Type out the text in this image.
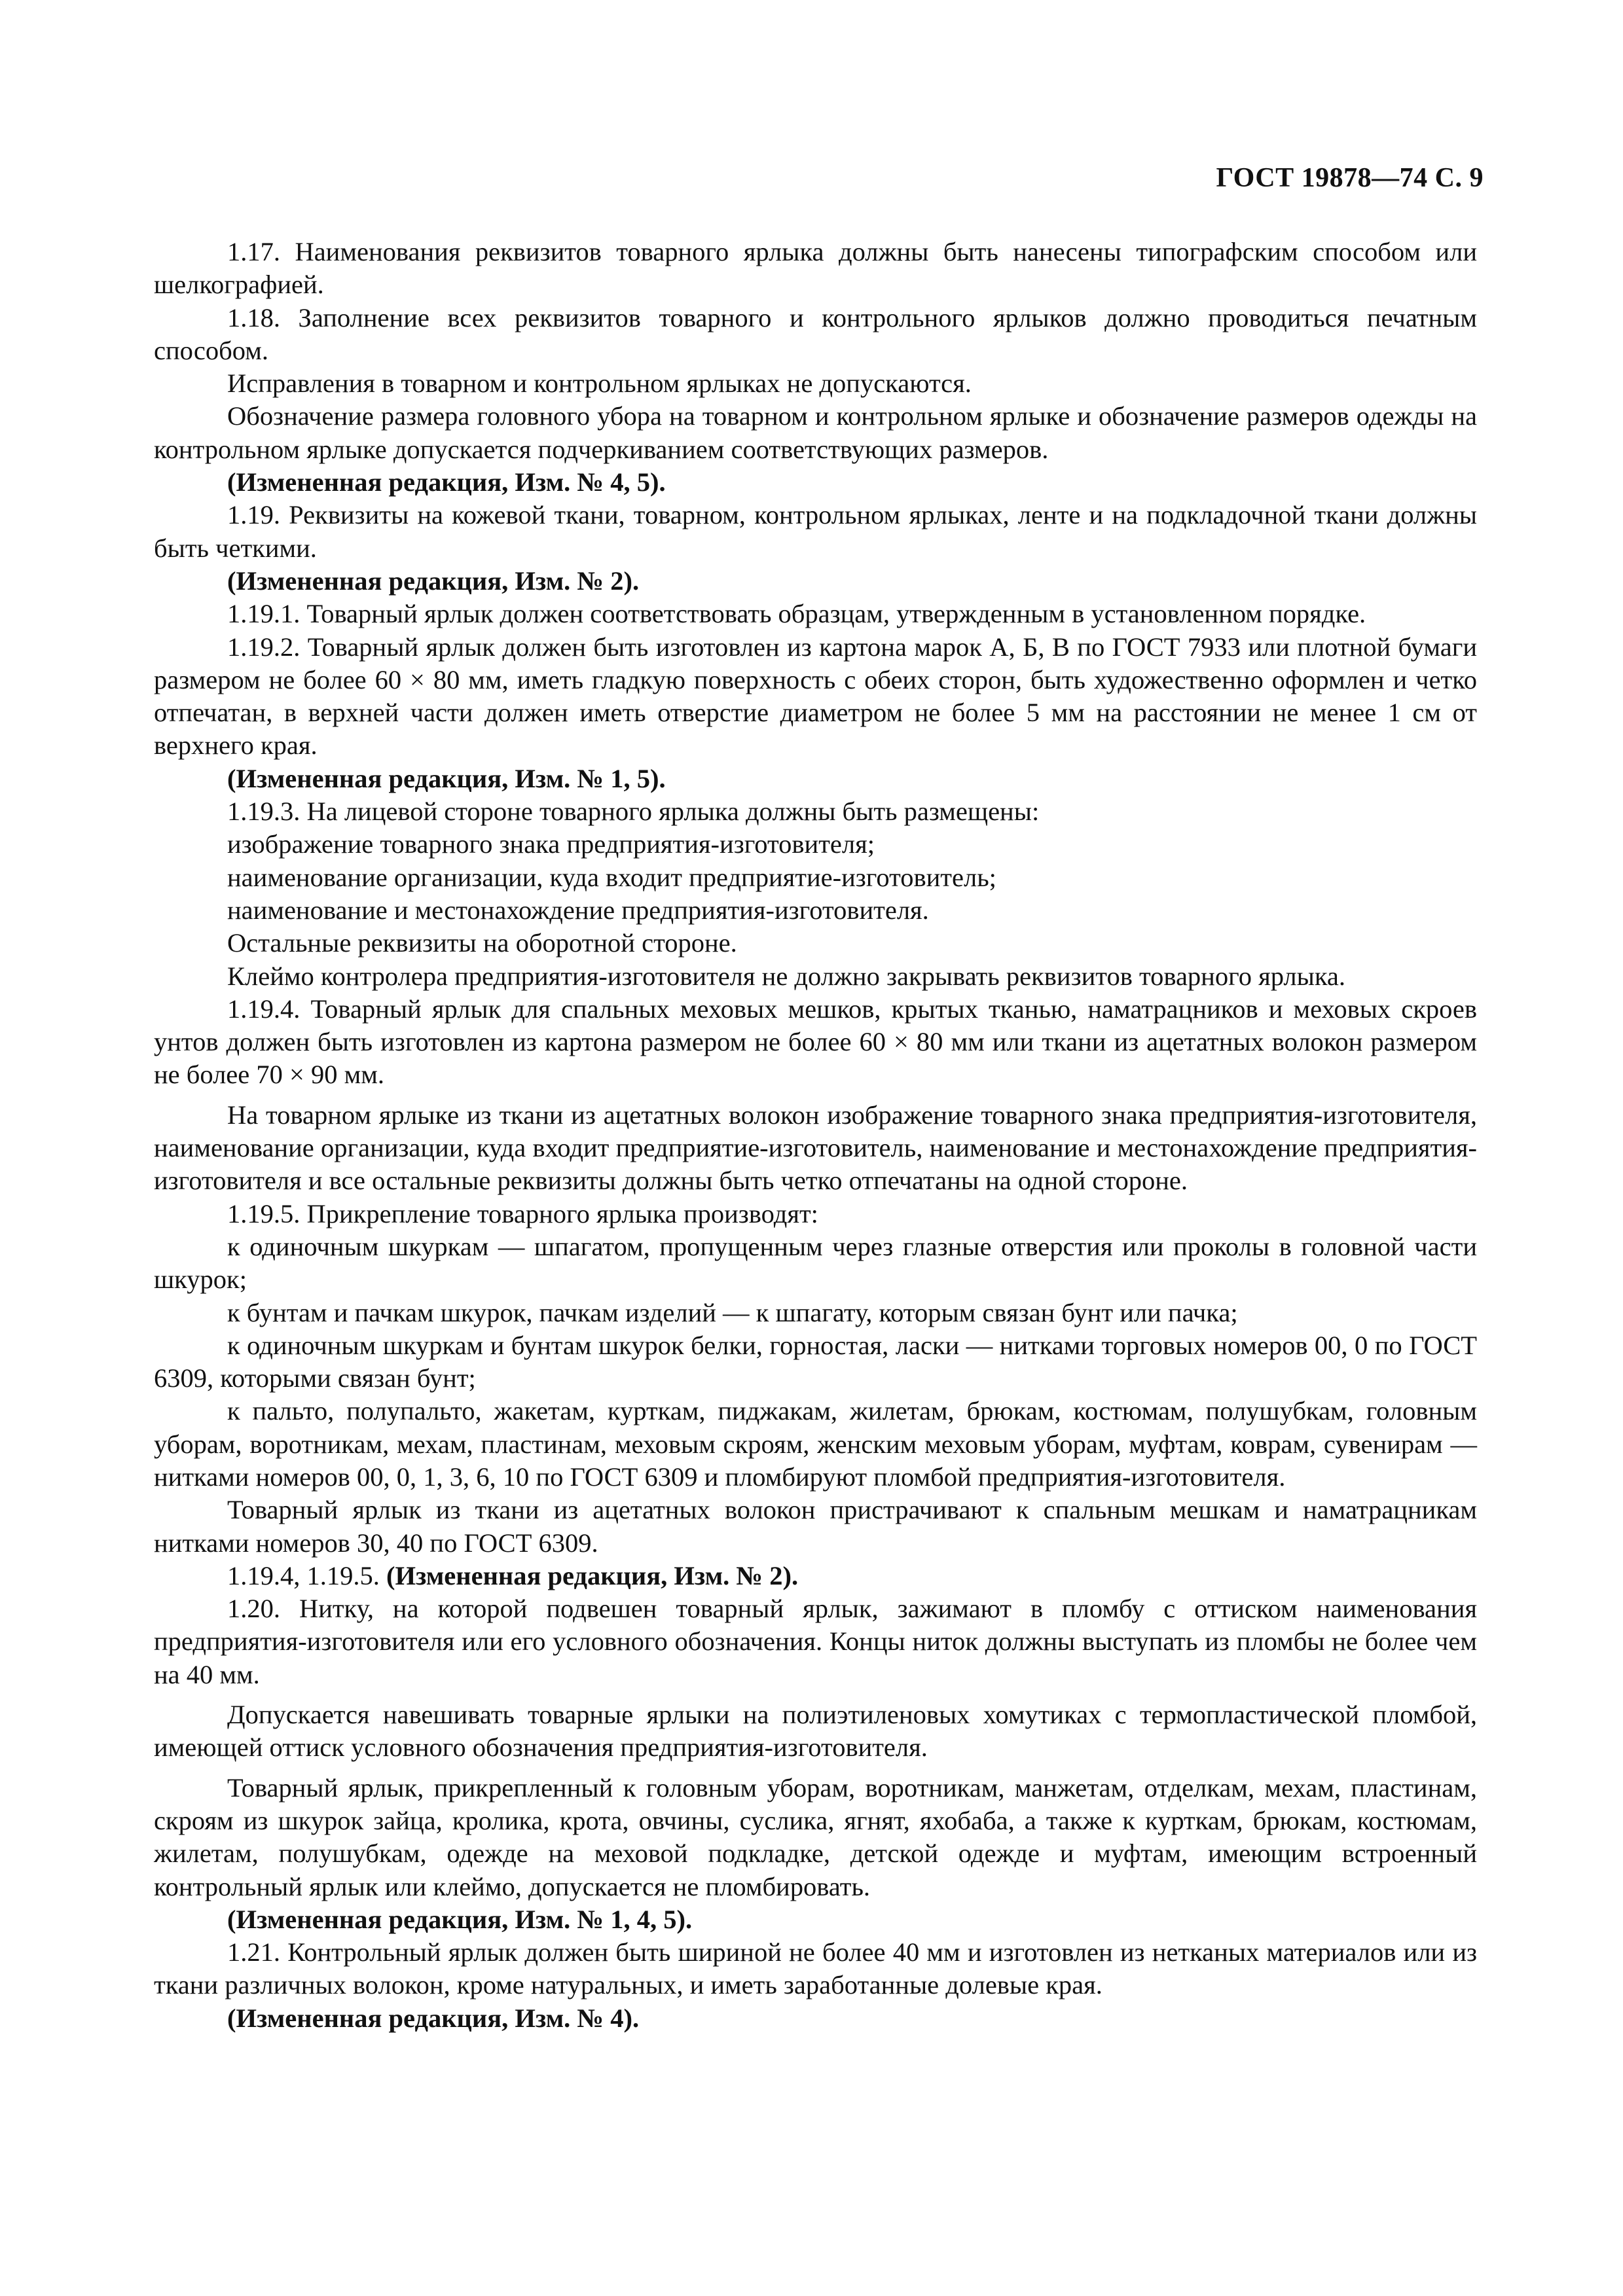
ГОСТ 19878—74 С. 9

1.17. Наименования реквизитов товарного ярлыка должны быть нанесены типографским способом или шелкографией.

1.18. Заполнение всех реквизитов товарного и контрольного ярлыков должно проводиться печатным способом.

Исправления в товарном и контрольном ярлыках не допускаются.

Обозначение размера головного убора на товарном и контрольном ярлыке и обозначение размеров одежды на контрольном ярлыке допускается подчеркиванием соответствующих размеров.

(Измененная редакция, Изм. № 4, 5).

1.19. Реквизиты на кожевой ткани, товарном, контрольном ярлыках, ленте и на подкладочной ткани должны быть четкими.

(Измененная редакция, Изм. № 2).

1.19.1. Товарный ярлык должен соответствовать образцам, утвержденным в установленном порядке.

1.19.2. Товарный ярлык должен быть изготовлен из картона марок А, Б, В по ГОСТ 7933 или плотной бумаги размером не более 60 × 80 мм, иметь гладкую поверхность с обеих сторон, быть художественно оформлен и четко отпечатан, в верхней части должен иметь отверстие диаметром не более 5 мм на расстоянии не менее 1 см от верхнего края.

(Измененная редакция, Изм. № 1, 5).

1.19.3. На лицевой стороне товарного ярлыка должны быть размещены:

изображение товарного знака предприятия-изготовителя;

наименование организации, куда входит предприятие-изготовитель;

наименование и местонахождение предприятия-изготовителя.

Остальные реквизиты на оборотной стороне.

Клеймо контролера предприятия-изготовителя не должно закрывать реквизитов товарного ярлыка.

1.19.4. Товарный ярлык для спальных меховых мешков, крытых тканью, наматрацников и меховых скроев унтов должен быть изготовлен из картона размером не более 60 × 80 мм или ткани из ацетатных волокон размером не более 70 × 90 мм.

На товарном ярлыке из ткани из ацетатных волокон изображение товарного знака предприятия-изготовителя, наименование организации, куда входит предприятие-изготовитель, наименование и местонахождение предприятия-изготовителя и все остальные реквизиты должны быть четко отпечатаны на одной стороне.

1.19.5. Прикрепление товарного ярлыка производят:

к одиночным шкуркам — шпагатом, пропущенным через глазные отверстия или проколы в головной части шкурок;

к бунтам и пачкам шкурок, пачкам изделий — к шпагату, которым связан бунт или пачка;

к одиночным шкуркам и бунтам шкурок белки, горностая, ласки — нитками торговых номеров 00, 0 по ГОСТ 6309, которыми связан бунт;

к пальто, полупальто, жакетам, курткам, пиджакам, жилетам, брюкам, костюмам, полушубкам, головным уборам, воротникам, мехам, пластинам, меховым скроям, женским меховым уборам, муфтам, коврам, сувенирам — нитками номеров 00, 0, 1, 3, 6, 10 по ГОСТ 6309 и пломбируют пломбой предприятия-изготовителя.

Товарный ярлык из ткани из ацетатных волокон пристрачивают к спальным мешкам и наматрацникам нитками номеров 30, 40 по ГОСТ 6309.

1.19.4, 1.19.5. (Измененная редакция, Изм. № 2).

1.20. Нитку, на которой подвешен товарный ярлык, зажимают в пломбу с оттиском наименования предприятия-изготовителя или его условного обозначения. Концы ниток должны выступать из пломбы не более чем на 40 мм.

Допускается навешивать товарные ярлыки на полиэтиленовых хомутиках с термопластической пломбой, имеющей оттиск условного обозначения предприятия-изготовителя.

Товарный ярлык, прикрепленный к головным уборам, воротникам, манжетам, отделкам, мехам, пластинам, скроям из шкурок зайца, кролика, крота, овчины, суслика, ягнят, яхобаба, а также к курткам, брюкам, костюмам, жилетам, полушубкам, одежде на меховой подкладке, детской одежде и муфтам, имеющим встроенный контрольный ярлык или клеймо, допускается не пломбировать.

(Измененная редакция, Изм. № 1, 4, 5).

1.21. Контрольный ярлык должен быть шириной не более 40 мм и изготовлен из нетканых материалов или из ткани различных волокон, кроме натуральных, и иметь заработанные долевые края.

(Измененная редакция, Изм. № 4).
